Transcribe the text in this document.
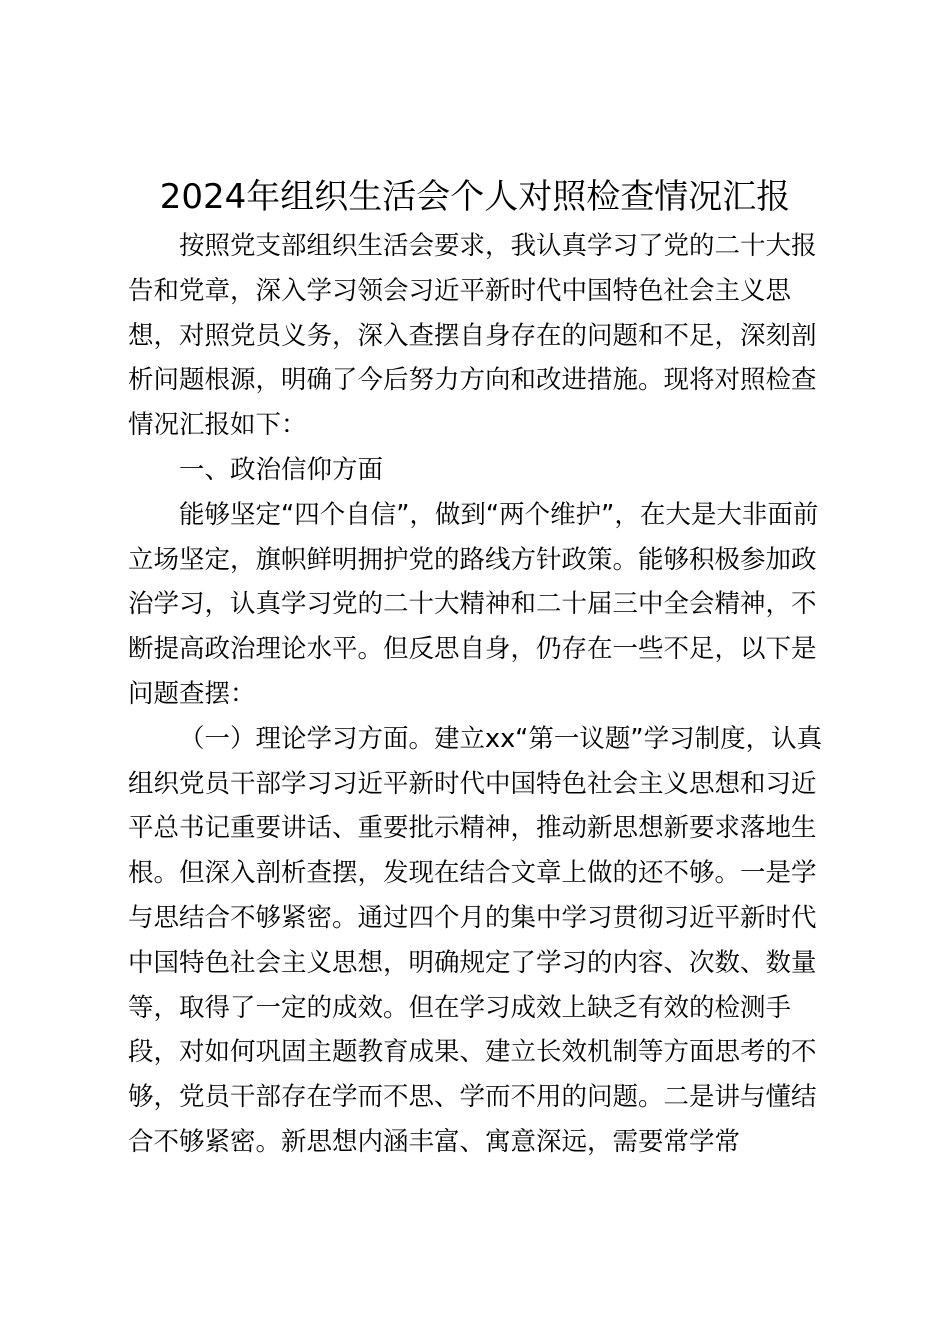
2024年组织生活会个人对照检查情况汇报
按照党支部组织生活会要求，我认真学习了党的二十大报
告和党章，深入学习领会习近平新时代中国特色社会主义思
想，对照党员义务，深入查摆自身存在的问题和不足，深刻剖
析问题根源，明确了今后努力方向和改进措施。现将对照检查
情况汇报如下：
一、政治信仰方面
能够坚定“四个自信”，做到“两个维护”，在大是大非面前
立场坚定，旗帜鲜明拥护党的路线方针政策。能够积极参加政
治学习，认真学习党的二十大精神和二十届三中全会精神，不
断提高政治理论水平。但反思自身，仍存在一些不足，以下是
问题查摆：
（一）理论学习方面。建立xx“第一议题”学习制度，认真
组织党员干部学习习近平新时代中国特色社会主义思想和习近
平总书记重要讲话、重要批示精神，推动新思想新要求落地生
根。但深入剖析查摆，发现在结合文章上做的还不够。一是学
与思结合不够紧密。通过四个月的集中学习贯彻习近平新时代
中国特色社会主义思想，明确规定了学习的内容、次数、数量
等，取得了一定的成效。但在学习成效上缺乏有效的检测手
段，对如何巩固主题教育成果、建立长效机制等方面思考的不
够，党员干部存在学而不思、学而不用的问题。二是讲与懂结
合不够紧密。新思想内涵丰富、寓意深远，需要常学常
